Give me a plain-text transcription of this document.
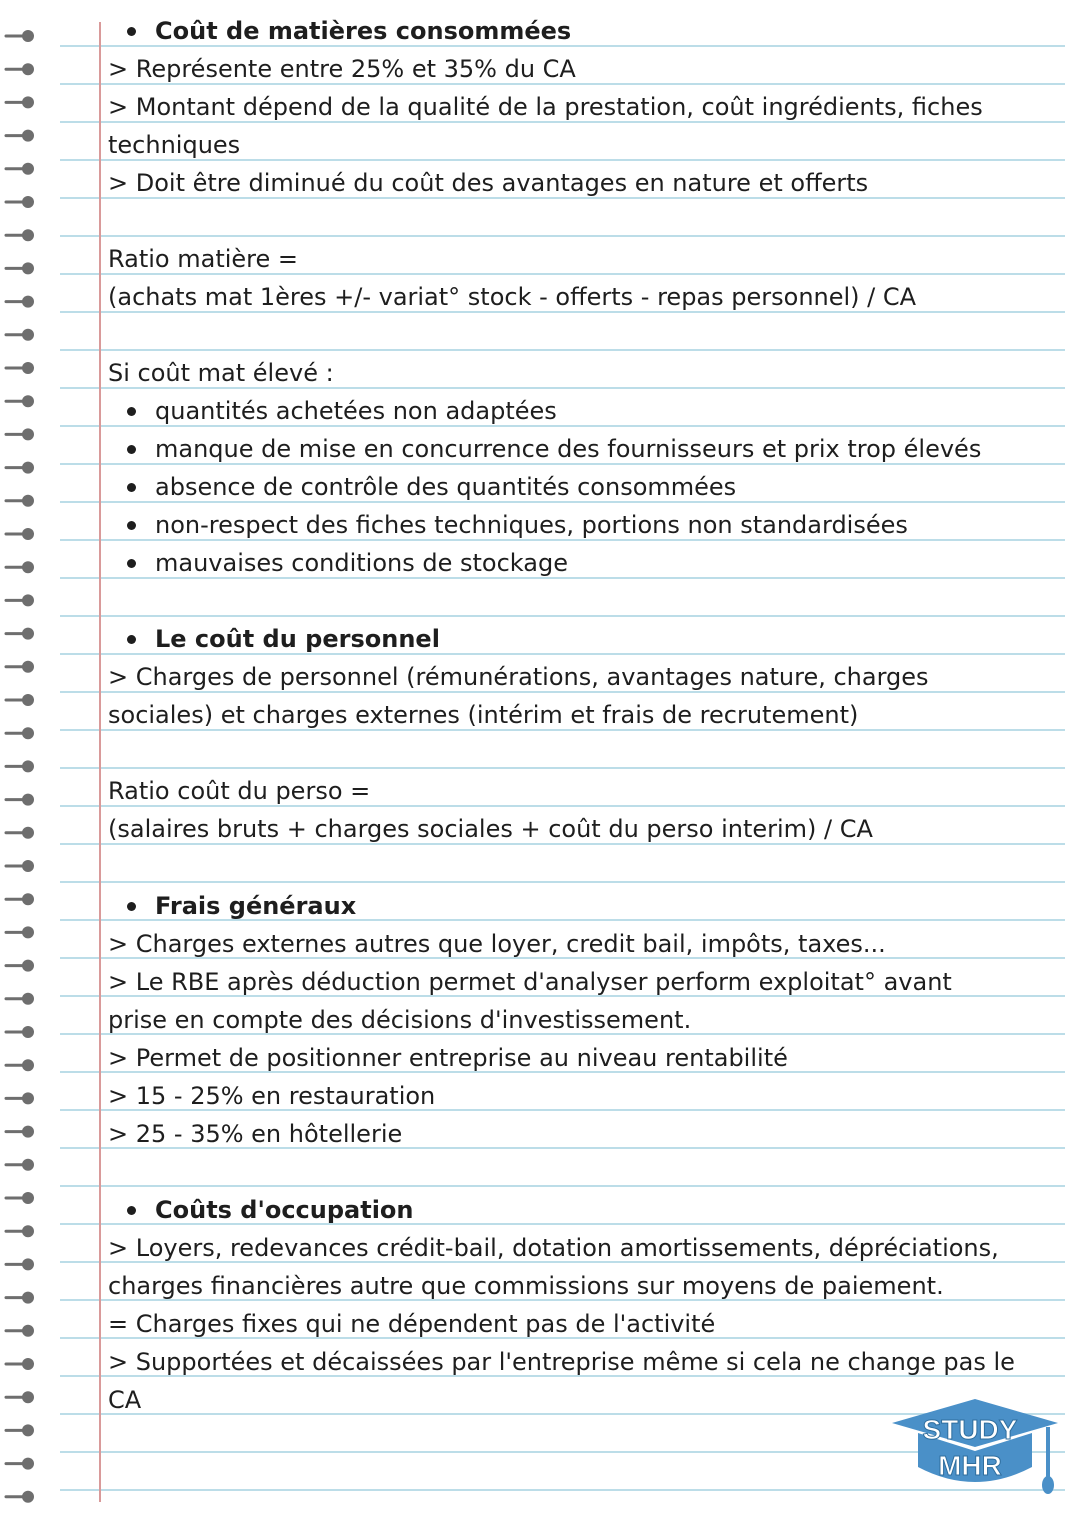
Coût de matières consommées
> Représente entre 25% et 35% du CA
> Montant dépend de la qualité de la prestation, coût ingrédients, fiches
techniques
> Doit être diminué du coût des avantages en nature et offerts
Ratio matière =
(achats mat 1ères +/- variat° stock - offerts - repas personnel) / CA
Si coût mat élevé :
quantités achetées non adaptées
manque de mise en concurrence des fournisseurs et prix trop élevés
absence de contrôle des quantités consommées
non-respect des fiches techniques, portions non standardisées
mauvaises conditions de stockage
Le coût du personnel
> Charges de personnel (rémunérations, avantages nature, charges
sociales) et charges externes (intérim et frais de recrutement)
Ratio coût du perso =
(salaires bruts + charges sociales + coût du perso interim) / CA
Frais généraux
> Charges externes autres que loyer, credit bail, impôts, taxes...
> Le RBE après déduction permet d'analyser perform exploitat° avant
prise en compte des décisions d'investissement.
> Permet de positionner entreprise au niveau rentabilité
> 15 - 25% en restauration
> 25 - 35% en hôtellerie
Coûts d'occupation
> Loyers, redevances crédit-bail, dotation amortissements, dépréciations,
charges financières autre que commissions sur moyens de paiement.
= Charges fixes qui ne dépendent pas de l'activité
> Supportées et décaissées par l'entreprise même si cela ne change pas le
CA
STUDY
MHR
